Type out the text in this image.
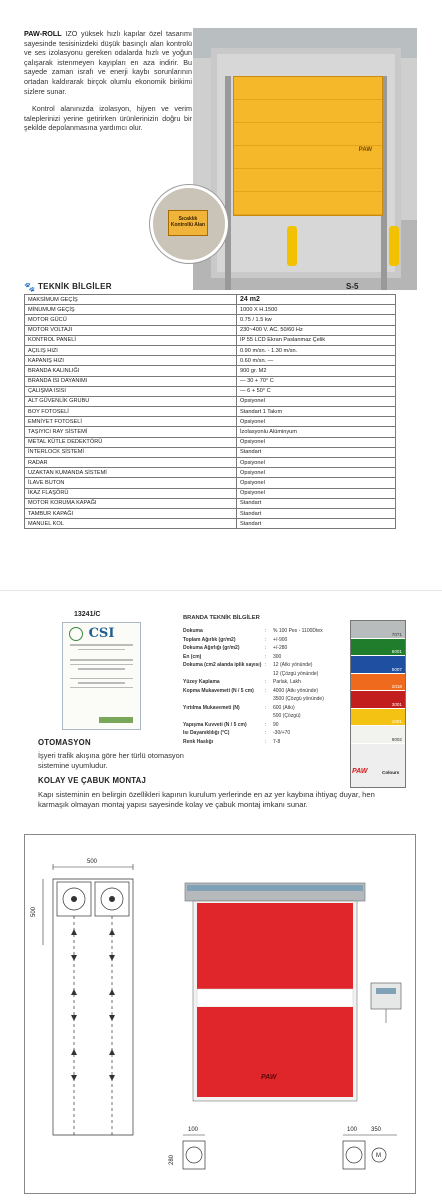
PAW-ROLL IZO yüksek hızlı kapılar özel tasarımı sayesinde tesisinizdeki düşük basınçlı alan kontrolü ve ses izolasyonu gereken odalarda hızlı ve yoğun çalışarak istenmeyen kayıpları en aza indirir. Bu sayede zaman israfı ve enerji kaybı sorunlarının ortadan kaldırarak birçok olumlu ekonomik birikimi sizlere sunar.

Kontrol alanınızda izolasyon, hijyen ve verim taleplerinizi yerine getirirken ürünlerinizin doğru bir şekilde depolanmasına yardımcı olur.

PAW
Sıcaklık Kontrollü Alan
🐾 TEKNİK BİLGİLER	S-5
MAKSİMUM GEÇİŞ	24 m2
MİNUMUM GEÇİŞ	1000 X H.1500
MOTOR GÜCÜ	0.75 / 1.5 kw
MOTOR VOLTAJI	230~400 V. AC. 50/60 Hz
KONTROL PANELİ	IP 55 LCD Ekran Paslanmaz Çelik
AÇILIŞ HIZI	0.90 m/sn. - 1.30 m/sn.
KAPANIŞ HIZI	0.60 m/sn. —
BRANDA KALINLIĞI	900 gr. M2
BRANDA ISI DAYANIMI	— 30 + 70° C
ÇALIŞMA ISISI	— 6 + 50° C
ALT GÜVENLİK GRUBU	Opsiyonel
BOY FOTOSELİ	Standart 1 Takım
EMNİYET FOTOSELİ	Opsiyonel
TAŞIYICI RAY SİSTEMİ	İzolasyonlu Alüminyum
METAL KÜTLE DEDEKTÖRÜ	Opsiyonel
İNTERLOCK SİSTEMİ	Standart
RADAR	Opsiyonel
UZAKTAN KUMANDA SİSTEMİ	Opsiyonel
İLAVE BUTON	Opsiyonel
İKAZ FLAŞÖRÜ	Opsiyonel
MOTOR KORUMA KAPAĞI	Standart
TAMBUR KAPAĞI	Standart
MANUEL KOL	Standart
13241/C
CSI
BRANDA TEKNİK BİLGİLER
Dokuma	: % 100 Pes - 1100Dtex
Toplam Ağırlık (gr/m2)	: +/-900
Dokuma Ağırlığı (gr/m2)	: +/-280
En (cm)	: 300
Dokuma (cm2 alanda iplik sayısı) : 12 (Atkı yönünde)
12 (Çözgü yönünde)
Yüzey Kaplama	: Parlak, Lakh
Kopma Mukavemeti (N / 5 cm)	: 4000 (Atkı yönünde)
3500 (Çözgü yönünde)
Yırtılma Mukavemeti (N)	: 600 (Atkı)
500 (Çözgü)
Yapışma Kuvveti (N / 5 cm)	: 90
Isı Dayanıklılığı (°C)	: -30/+70
Renk Haslığı	: 7-8
7071
6001
5007
2018
3001
1001
9002
PAW	Colours
OTOMASYON
İşyeri trafik akışına göre her türlü otomasyon sistemine uyumludur.
KOLAY VE ÇABUK MONTAJ
Kapı sisteminin en belirgin özellikleri kapının kurulum yerlerinde en az yer kaybına ihtiyaç duyar, hen karmaşık olmayan montaj yapısı sayesinde kolay ve çabuk montaj imkanı sunar.
500
500
PAW
100
280
100 350
M
